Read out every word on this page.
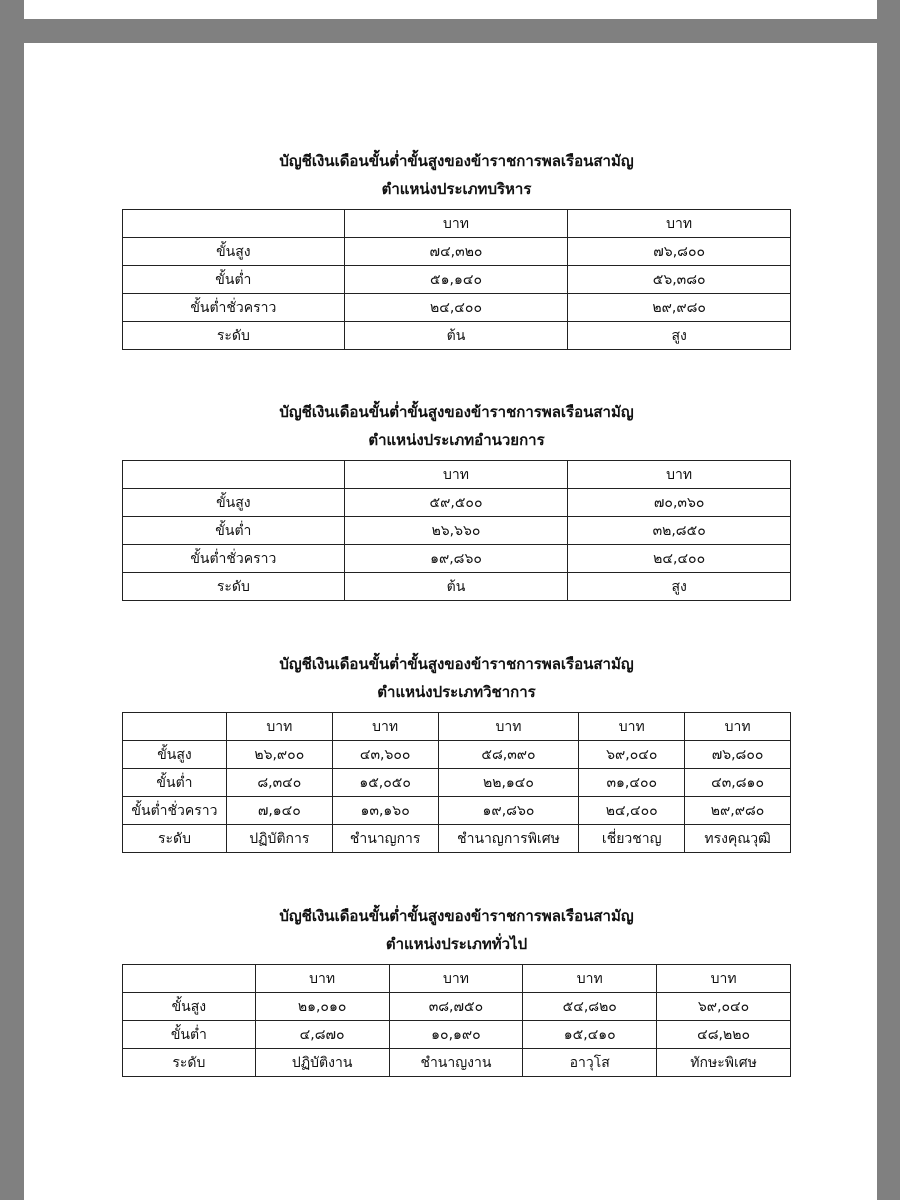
บัญชีเงินเดือนขั้นต่ำขั้นสูงของข้าราชการพลเรือนสามัญ
ตำแหน่งประเภทบริหาร
	บาท	บาท
ขั้นสูง	๗๔,๓๒๐	๗๖,๘๐๐
ขั้นต่ำ	๕๑,๑๔๐	๕๖,๓๘๐
ขั้นต่ำชั่วคราว	๒๔,๔๐๐	๒๙,๙๘๐
ระดับ	ต้น	สูง
บัญชีเงินเดือนขั้นต่ำขั้นสูงของข้าราชการพลเรือนสามัญ
ตำแหน่งประเภทอำนวยการ
	บาท	บาท
ขั้นสูง	๕๙,๕๐๐	๗๐,๓๖๐
ขั้นต่ำ	๒๖,๖๖๐	๓๒,๘๕๐
ขั้นต่ำชั่วคราว	๑๙,๘๖๐	๒๔,๔๐๐
ระดับ	ต้น	สูง
บัญชีเงินเดือนขั้นต่ำขั้นสูงของข้าราชการพลเรือนสามัญ
ตำแหน่งประเภทวิชาการ
	บาท	บาท	บาท	บาท	บาท
ขั้นสูง	๒๖,๙๐๐	๔๓,๖๐๐	๕๘,๓๙๐	๖๙,๐๔๐	๗๖,๘๐๐
ขั้นต่ำ	๘,๓๔๐	๑๕,๐๕๐	๒๒,๑๔๐	๓๑,๔๐๐	๔๓,๘๑๐
ขั้นต่ำชั่วคราว	๗,๑๔๐	๑๓,๑๖๐	๑๙,๘๖๐	๒๔,๔๐๐	๒๙,๙๘๐
ระดับ	ปฏิบัติการ	ชำนาญการ	ชำนาญการพิเศษ	เชี่ยวชาญ	ทรงคุณวุฒิ
บัญชีเงินเดือนขั้นต่ำขั้นสูงของข้าราชการพลเรือนสามัญ
ตำแหน่งประเภททั่วไป
	บาท	บาท	บาท	บาท
ขั้นสูง	๒๑,๐๑๐	๓๘,๗๕๐	๕๔,๘๒๐	๖๙,๐๔๐
ขั้นต่ำ	๔,๘๗๐	๑๐,๑๙๐	๑๕,๔๑๐	๔๘,๒๒๐
ระดับ	ปฏิบัติงาน	ชำนาญงาน	อาวุโส	ทักษะพิเศษ
